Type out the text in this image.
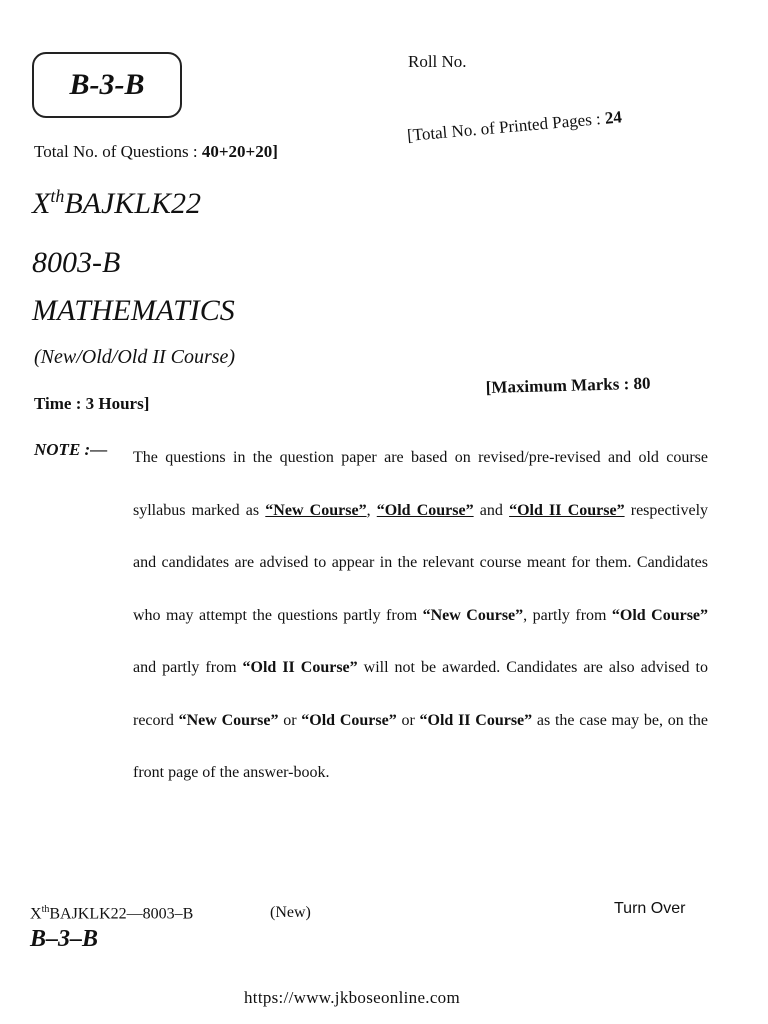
B-3-B
Roll No.
Total No. of Questions : 40+20+20]
[Total No. of Printed Pages : 24
XthBAJKLK22
8003-B
MATHEMATICS
(New/Old/Old II Course)
Time : 3 Hours]
[Maximum Marks : 80
NOTE :— The questions in the question paper are based on revised/pre-revised and old course syllabus marked as “New Course”, “Old Course” and “Old II Course” respectively and candidates are advised to appear in the relevant course meant for them. Candidates who may attempt the questions partly from “New Course”, partly from “Old Course” and partly from “Old II Course” will not be awarded. Candidates are also advised to record “New Course” or “Old Course” or “Old II Course” as the case may be, on the front page of the answer-book.
XthBAJKLK22—8003–B	(New)	Turn Over
B–3–B
https://www.jkboseonline.com
